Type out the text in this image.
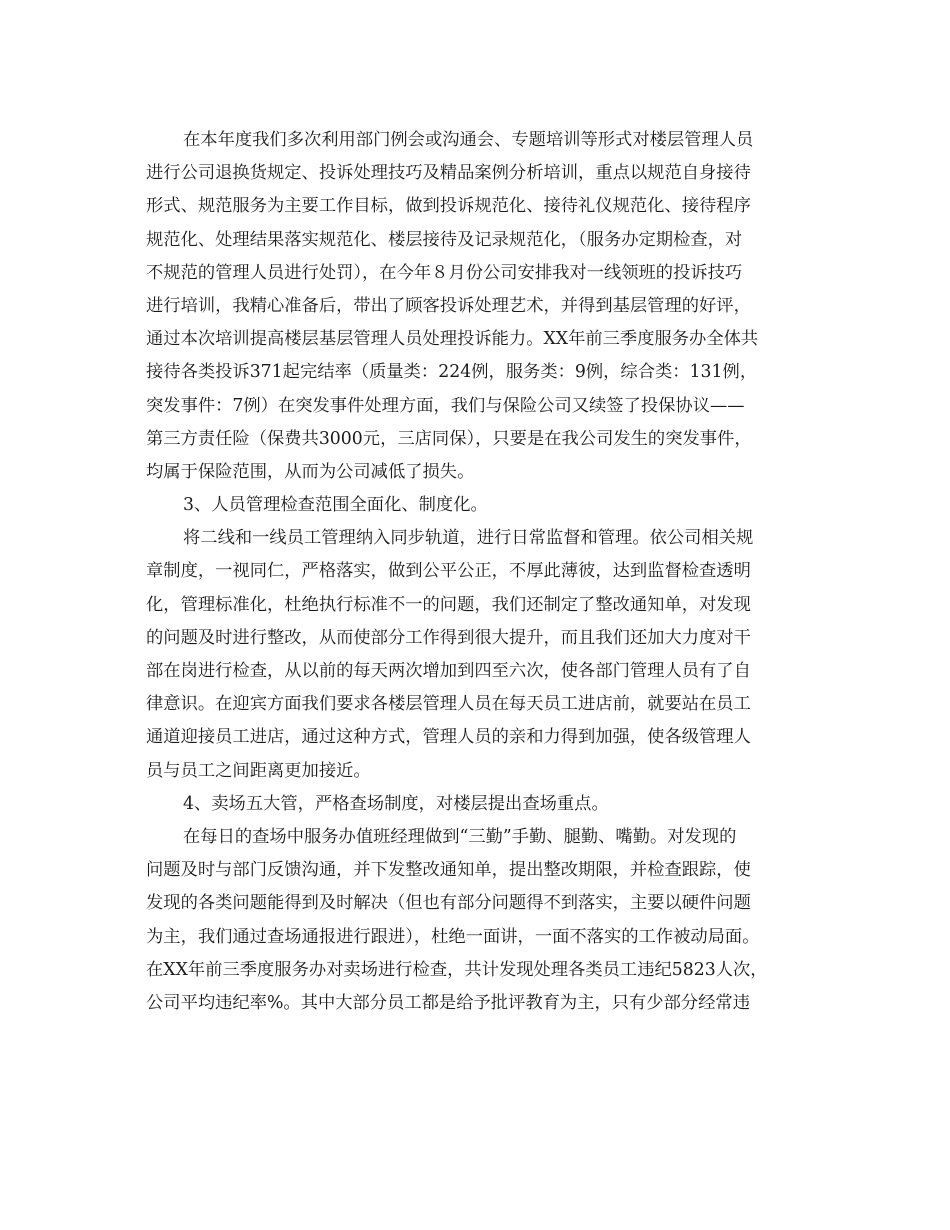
在本年度我们多次利用部门例会或沟通会、专题培训等形式对楼层管理人员
进行公司退换货规定、投诉处理技巧及精品案例分析培训，重点以规范自身接待
形式、规范服务为主要工作目标，做到投诉规范化、接待礼仪规范化、接待程序
规范化、处理结果落实规范化、楼层接待及记录规范化，（服务办定期检查，对
不规范的管理人员进行处罚），在今年８月份公司安排我对一线领班的投诉技巧
进行培训，我精心准备后，带出了顾客投诉处理艺术，并得到基层管理的好评，
通过本次培训提高楼层基层管理人员处理投诉能力。XX年前三季度服务办全体共
接待各类投诉371起完结率（质量类：224例，服务类：9例，综合类：131例，
突发事件：7例）在突发事件处理方面，我们与保险公司又续签了投保协议——
第三方责任险（保费共3000元，三店同保），只要是在我公司发生的突发事件，
均属于保险范围，从而为公司减低了损失。

3、人员管理检查范围全面化、制度化。

将二线和一线员工管理纳入同步轨道，进行日常监督和管理。依公司相关规
章制度，一视同仁，严格落实，做到公平公正，不厚此薄彼，达到监督检查透明
化，管理标准化，杜绝执行标准不一的问题，我们还制定了整改通知单，对发现
的问题及时进行整改，从而使部分工作得到很大提升，而且我们还加大力度对干
部在岗进行检查，从以前的每天两次增加到四至六次，使各部门管理人员有了自
律意识。在迎宾方面我们要求各楼层管理人员在每天员工进店前，就要站在员工
通道迎接员工进店，通过这种方式，管理人员的亲和力得到加强，使各级管理人
员与员工之间距离更加接近。

4、卖场五大管，严格查场制度，对楼层提出查场重点。

在每日的查场中服务办值班经理做到“三勤”手勤、腿勤、嘴勤。对发现的
问题及时与部门反馈沟通，并下发整改通知单，提出整改期限，并检查跟踪，使
发现的各类问题能得到及时解决（但也有部分问题得不到落实，主要以硬件问题
为主，我们通过查场通报进行跟进），杜绝一面讲，一面不落实的工作被动局面。
在XX年前三季度服务办对卖场进行检查，共计发现处理各类员工违纪5823人次，
公司平均违纪率%。其中大部分员工都是给予批评教育为主，只有少部分经常违
